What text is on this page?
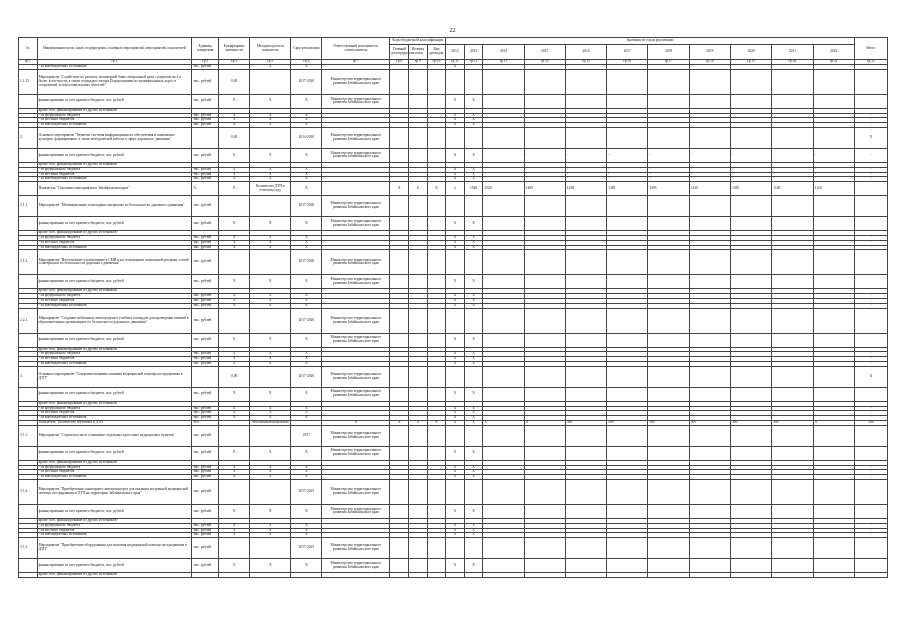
22
№	Наименование цели, задач, подпрограмм, основных мероприятий, мероприятий, показателей	Единица измерения	Коэффициент значимости	Методика расчета показателя	Срок реализации	Ответственный исполнитель, соисполнитель	Коды бюджетной классификации			Значения по годам реализации											Итого
							Главный распорядитель	Целевая статья	Вид расходов	2012	2013	2014	2015	2016	2017	2018	2019	2020	2021	2022	
гр.1	гр.2	гр.3	гр.4	гр.5	гр.6	гр.7	гр.8	гр.9	гр.10	гр.11	гр.12	гр.13	гр.14	гр.15	гр.16	гр.17	гр.18	гр.19	гр.20	гр.21	гр.22
	- из внебюджетных источников	тыс. рублей		X	X					X											
1.1.15	Мероприятие "Содействие по ремонту полимерной бани специальной цели с разрезом на 4 и более, в частности, а также площадки сектора Подпрограммы из муниципальных дорог и сооружений, и подготовительных областей"	тыс. рублей	0,00		2017-2020	Министерство территориального развития Забайкальского края															
	финансирование за счет краевого бюджета, тыс. рублей	тыс. рублей	X	X	X	Министерство территориального развития Забайкальского края				X	X										
	кроме того, финансирование из других источников:																				
	- из федерального бюджета	тыс. рублей	X	X	X					X	X										-
	- из местных бюджетов	тыс. рублей	X	X	X					X	X										-
	- из внебюджетных источников	тыс. рублей	X	X	X					X	X										-
2.	Основное мероприятие "Развитие системы информационного обеспечения и повышение культуры, формирование, а также методической работы в сфере дорожного движения"		0,00		2014-2020	Министерство территориального развития Забайкальского края															X
	финансирование за счет краевого бюджета, тыс. рублей	тыс. рублей	X	X	X	Министерство территориального развития Забайкальского края				X	X	-	-	-	-	-	-	-	-	-	-
	кроме того, финансирование из других источников:																				
	- из федерального бюджета	тыс. рублей	X	X	X					X	X	-	-	-	-	-	-	-	-	-	-
	- из местных бюджетов	тыс. рублей	X	X	X					X	X	-	-	-	-	-	-	-	-	-	-
	- из внебюджетных источников	тыс. рублей	X	X	X					X	X	-	-	-	-	-	-	-	-	-	-
	Показатель "Основные мероприятия в Забайкальском крае"	%	X	Количество ДТП в отчетном году	X		X	X	X	x	1549	1528	1489	1430	1385	1395	1430	1385	1100	1120	
2.1.1.	Мероприятие "Мотивационные и наглядные материалы по безопасности дорожного движения"	тыс. рублей			2017-2020	Министерство территориального развития Забайкальского края															
	финансирование за счет краевого бюджета, тыс. рублей	тыс. рублей	X	X	X	Министерство территориального развития Забайкальского края				X	X										
	кроме того, финансирование из других источников:																				
	- из федерального бюджета	тыс. рублей	X	X	X					X	X										-
	- из местных бюджетов	тыс. рублей	X	X	X					X	X										-
	- из внебюджетных источников	тыс. рублей	X	X	X					X	X										-
2.1.2.	Мероприятие "Изготовление и размещение в СМИ и на телевидении социальной рекламы, статей и материалов по безопасности дорожного движения"	тыс. рублей			2017-2020	Министерство территориального развития Забайкальского края															
	финансирование за счет краевого бюджета, тыс. рублей	тыс. рублей	X	X	X	Министерство территориального развития Забайкальского края				X	X										
	кроме того, финансирование из других источников:																				
	- из федерального бюджета	тыс. рублей	X	X	X					X	X										-
	- из местных бюджетов	тыс. рублей	X	X	X					X	X										-
	- из внебюджетных источников	тыс. рублей	X	X	X					X	X										-
2.2.1.	Мероприятие "Создание мобильных автогородков и учебных площадок для проведения занятий в образовательных организациях по безопасности дорожного движения"	тыс. рублей			2017-2020	Министерство территориального развития Забайкальского края															
	финансирование за счет краевого бюджета, тыс. рублей	тыс. рублей	X	X	X	Министерство территориального развития Забайкальского края				X	X										
	кроме того, финансирование из других источников:																				
	- из федерального бюджета	тыс. рублей	X	X	X					X	X										-
	- из местных бюджетов	тыс. рублей	X	X	X					X	X										-
	- из внебюджетных источников	тыс. рублей	X	X	X					X	X										-
3.	Основное мероприятие "Совершенствование оказания медицинской помощи пострадавшим в ДТП"		0,00		2017-2020	Министерство территориального развития Забайкальского края															X
	финансирование за счет краевого бюджета, тыс. рублей	тыс. рублей	X	X	X	Министерство территориального развития Забайкальского края				X	X										
	кроме того, финансирование из других источников:																				
	- из федерального бюджета	тыс. рублей	X	X	X					X	X										-
	- из местных бюджетов	тыс. рублей	X	X	X					X	X										-
	- из внебюджетных источников	тыс. рублей	X	X	X					X	X										-
	Показатель "Количество погибших в ДТП"	чел.		Абсолютный показатель		X	X	X	X	X	X	X	X	300	300	300	300	300	300	X	300
3.1.1.	Мероприятие "Строительство и оснащение отдельных трассовых медицинских пунктов"	тыс. рублей			2017	Министерство территориального развития Забайкальского края															
	финансирование за счет краевого бюджета, тыс. рублей	тыс. рублей	X	X	X	Министерство территориального развития Забайкальского края				X	X										
	кроме того, финансирование из других источников:																				
	- из федерального бюджета	тыс. рублей	X	X	X					X	X										-
	- из местных бюджетов	тыс. рублей	X	X	X					X	X										-
	- из внебюджетных источников	тыс. рублей	X	X	X					X	X										-
3.1.2.	Мероприятие "Приобретение санитарного автотранспорта для оказания экстренной медицинской помощи пострадавшим в ДТП на территории Забайкальского края"	тыс. рублей			2017-2019	Министерство территориального развития Забайкальского края															
	финансирование за счет краевого бюджета, тыс. рублей	тыс. рублей	X	X	X	Министерство территориального развития Забайкальского края				X	X										
	кроме того, финансирование из других источников:																				
	- из федерального бюджета	тыс. рублей	X	X	X					X	X										-
	- из местных бюджетов	тыс. рублей	X	X	X					X	X										-
	- из внебюджетных источников	тыс. рублей	X	X	X					X	X										-
3.1.3.	Мероприятие "Приобретение оборудования для оказания медицинской помощи пострадавшим в ДТП"	тыс. рублей			2017-2019	Министерство территориального развития Забайкальского края															
	финансирование за счет краевого бюджета, тыс. рублей	тыс. рублей	X	X	X	Министерство территориального развития Забайкальского края				X	X										
	кроме того, финансирование из других источников:																				
